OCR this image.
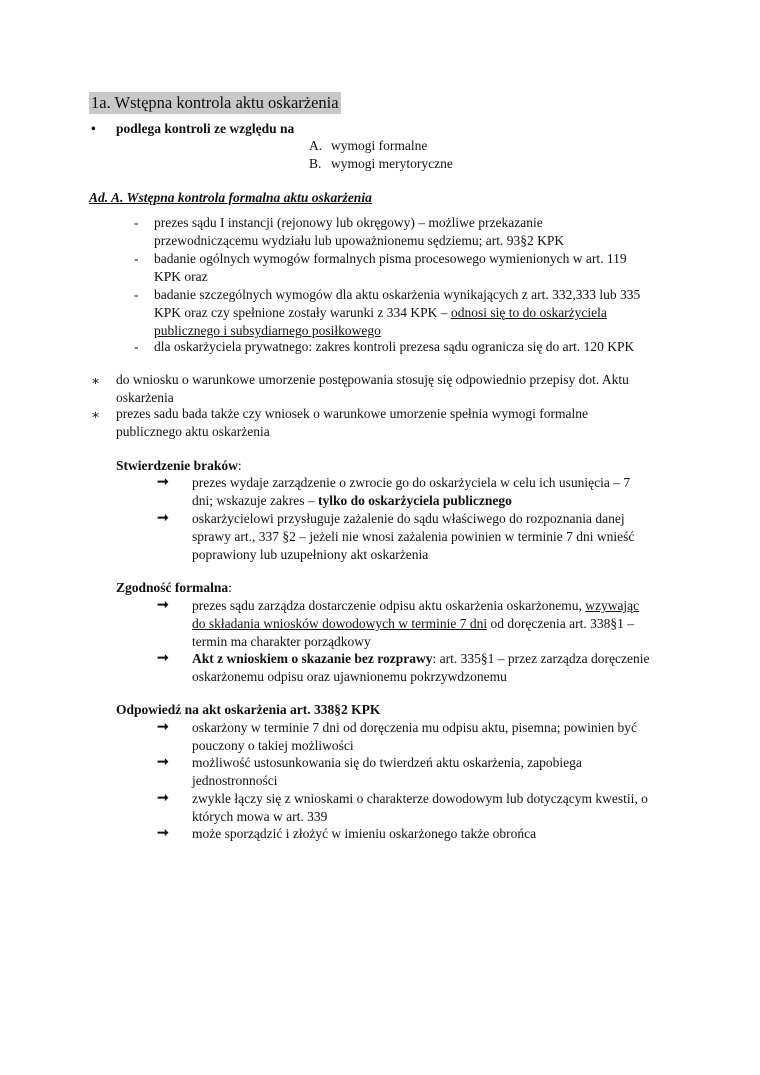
1a. Wstępna kontrola aktu oskarżenia
• podlega kontroli ze względu na
A. wymogi formalne
B. wymogi merytoryczne
Ad. A. Wstępna kontrola formalna aktu oskarżenia
- prezes sądu I instancji (rejonowy lub okręgowy) – możliwe przekazanie
przewodniczącemu wydziału lub upoważnionemu sędziemu; art. 93§2 KPK
- badanie ogólnych wymogów formalnych pisma procesowego wymienionych w art. 119
KPK oraz
- badanie szczególnych wymogów dla aktu oskarżenia wynikających z art. 332,333 lub 335
KPK oraz czy spełnione zostały warunki z 334 KPK – odnosi się to do oskarżyciela
publicznego i subsydiarnego posiłkowego
- dla oskarżyciela prywatnego: zakres kontroli prezesa sądu ogranicza się do art. 120 KPK
∗ do wniosku o warunkowe umorzenie postępowania stosuję się odpowiednio przepisy dot. Aktu
oskarżenia
∗ prezes sadu bada także czy wniosek o warunkowe umorzenie spełnia wymogi formalne
publicznego aktu oskarżenia
Stwierdzenie braków:
➞ prezes wydaje zarządzenie o zwrocie go do oskarżyciela w celu ich usunięcia – 7
dni; wskazuje zakres – tylko do oskarżyciela publicznego
➞ oskarżycielowi przysługuje zażalenie do sądu właściwego do rozpoznania danej
sprawy art., 337 §2 – jeżeli nie wnosi zażalenia powinien w terminie 7 dni wnieść
poprawiony lub uzupełniony akt oskarżenia
Zgodność formalna:
➞ prezes sądu zarządza dostarczenie odpisu aktu oskarżenia oskarżonemu, wzywając
do składania wniosków dowodowych w terminie 7 dni od doręczenia art. 338§1 –
termin ma charakter porządkowy
➞ Akt z wnioskiem o skazanie bez rozprawy: art. 335§1 – przez zarządza doręczenie
oskarżonemu odpisu oraz ujawnionemu pokrzywdzonemu
Odpowiedź na akt oskarżenia art. 338§2 KPK
➞ oskarżony w terminie 7 dni od doręczenia mu odpisu aktu, pisemna; powinien być
pouczony o takiej możliwości
➞ możliwość ustosunkowania się do twierdzeń aktu oskarżenia, zapobiega
jednostronności
➞ zwykle łączy się z wnioskami o charakterze dowodowym lub dotyczącym kwestii, o
których mowa w art. 339
➞ może sporządzić i złożyć w imieniu oskarżonego także obrońca
